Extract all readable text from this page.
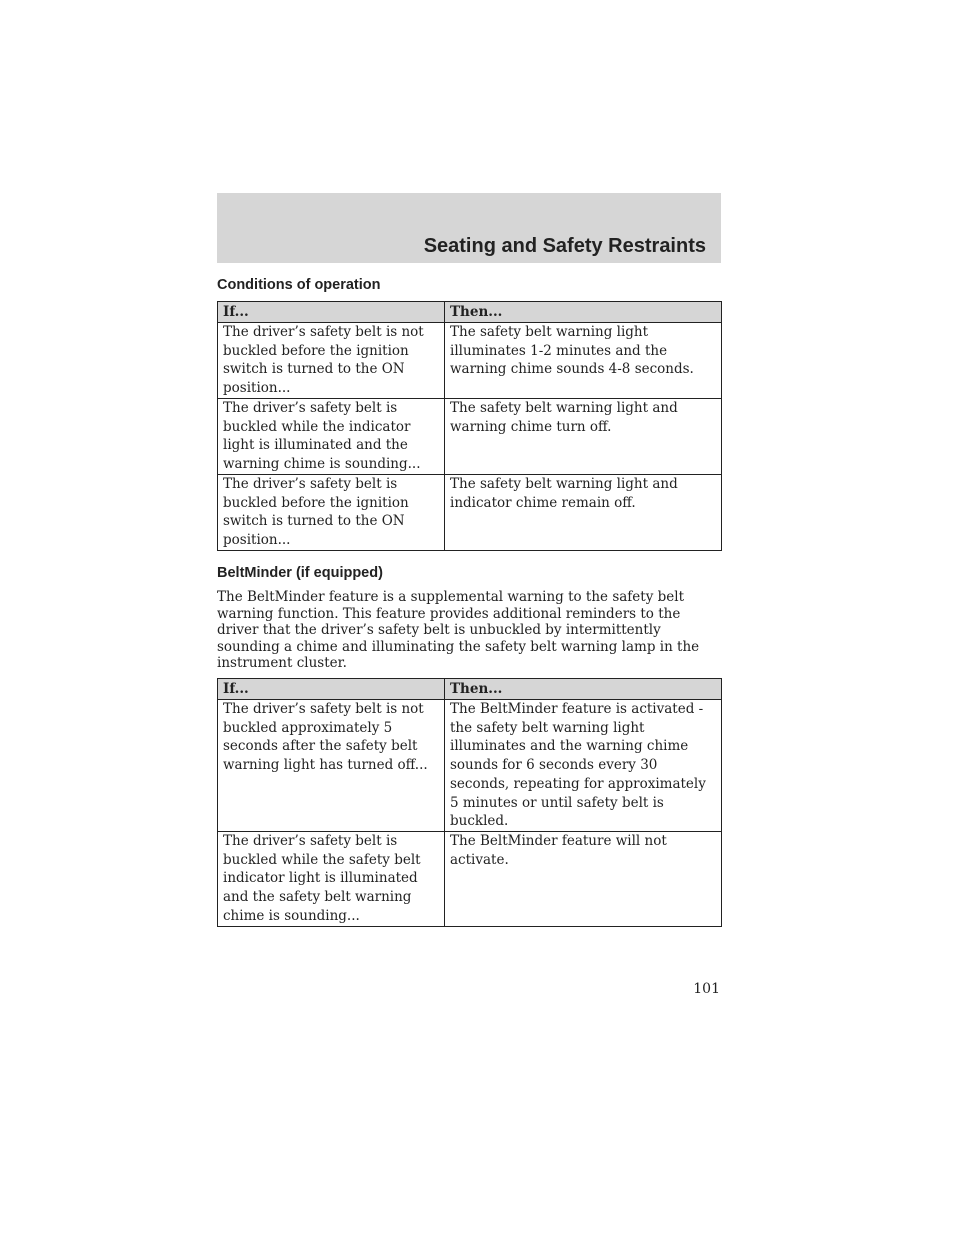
Seating and Safety Restraints
Conditions of operation
If...	Then...
The driver’s safety belt is not buckled before the ignition switch is turned to the ON position...	The safety belt warning light illuminates 1-2 minutes and the warning chime sounds 4-8 seconds.
The driver’s safety belt is buckled while the indicator light is illuminated and the warning chime is sounding...	The safety belt warning light and warning chime turn off.
The driver’s safety belt is buckled before the ignition switch is turned to the ON position...	The safety belt warning light and indicator chime remain off.
BeltMinder (if equipped)

The BeltMinder feature is a supplemental warning to the safety belt warning function. This feature provides additional reminders to the driver that the driver’s safety belt is unbuckled by intermittently sounding a chime and illuminating the safety belt warning lamp in the instrument cluster.

If...	Then...
The driver’s safety belt is not buckled approximately 5 seconds after the safety belt warning light has turned off...	The BeltMinder feature is activated - the safety belt warning light illuminates and the warning chime sounds for 6 seconds every 30 seconds, repeating for approximately 5 minutes or until safety belt is buckled.
The driver’s safety belt is buckled while the safety belt indicator light is illuminated and the safety belt warning chime is sounding...	The BeltMinder feature will not activate.
101
